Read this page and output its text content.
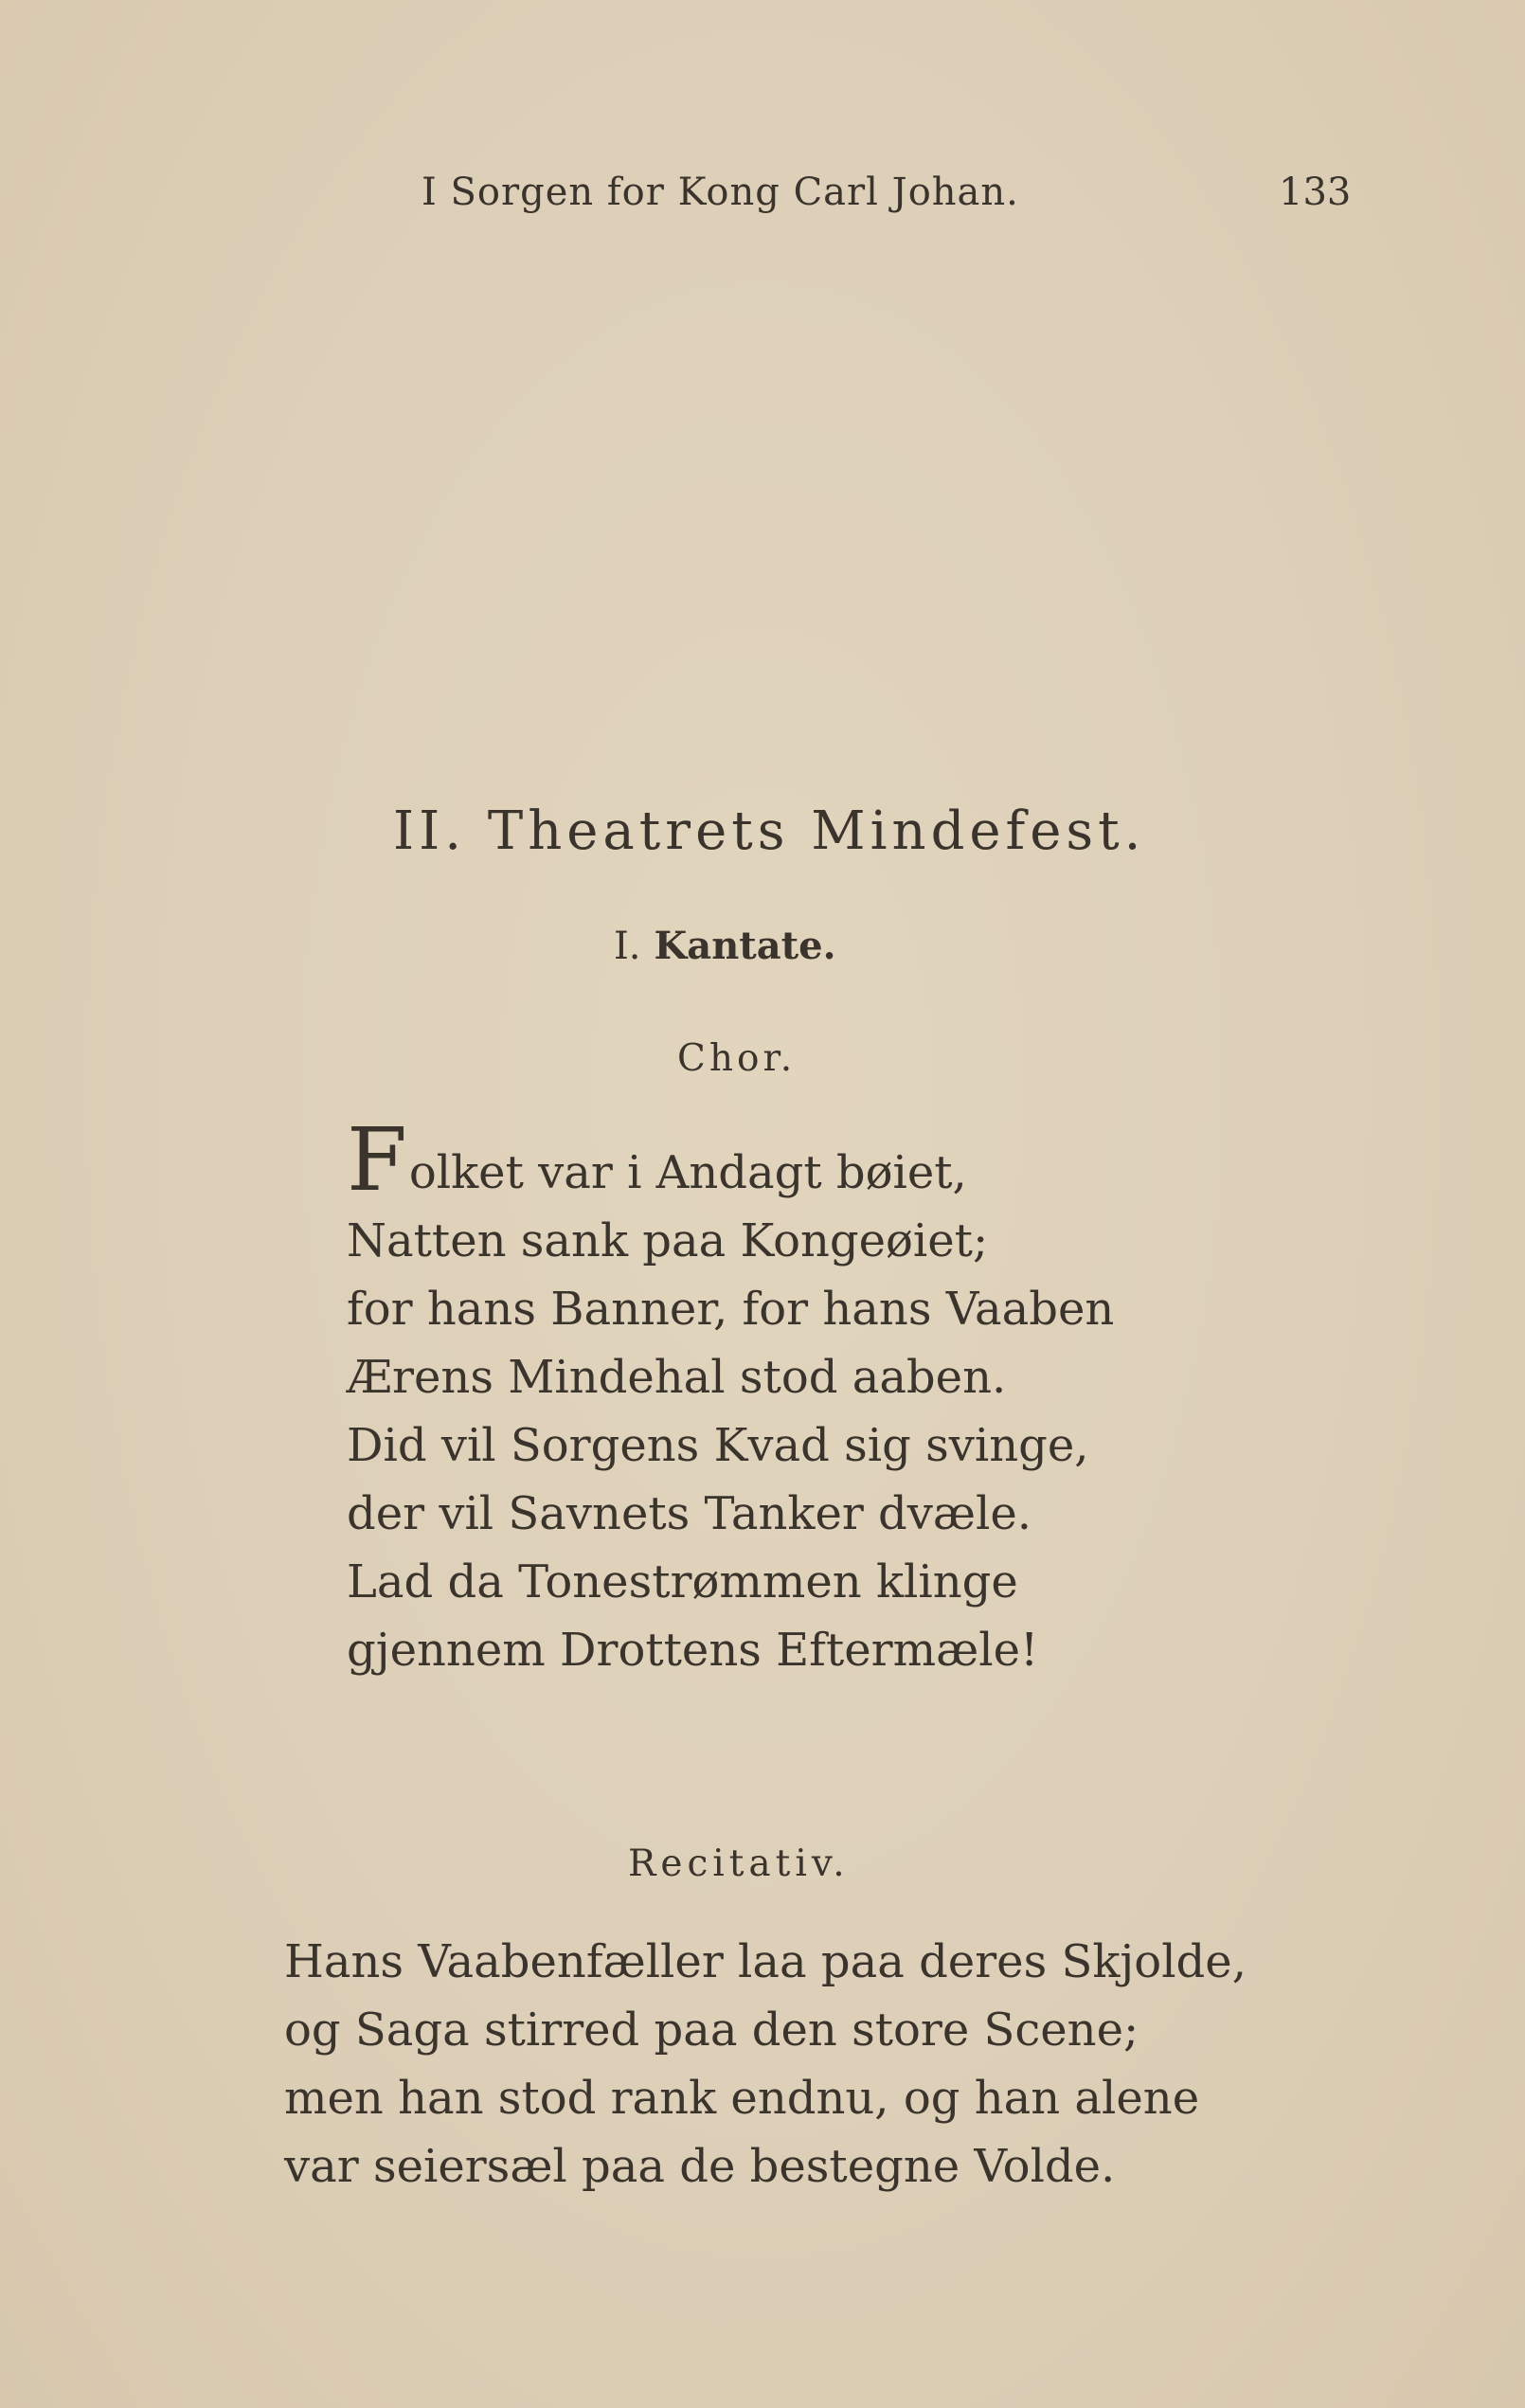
I Sorgen for Kong Carl Johan.	133
II. Theatrets Mindefest.
I. Kantate.
Chor.
Folket var i Andagt bøiet,
Natten sank paa Kongeøiet;
for hans Banner, for hans Vaaben
Ærens Mindehal stod aaben.
Did vil Sorgens Kvad sig svinge,
der vil Savnets Tanker dvæle.
Lad da Tonestrømmen klinge
gjennem Drottens Eftermæle!
Recitativ.
Hans Vaabenfæller laa paa deres Skjolde,
og Saga stirred paa den store Scene;
men han stod rank endnu, og han alene
var seiersæl paa de bestegne Volde.
